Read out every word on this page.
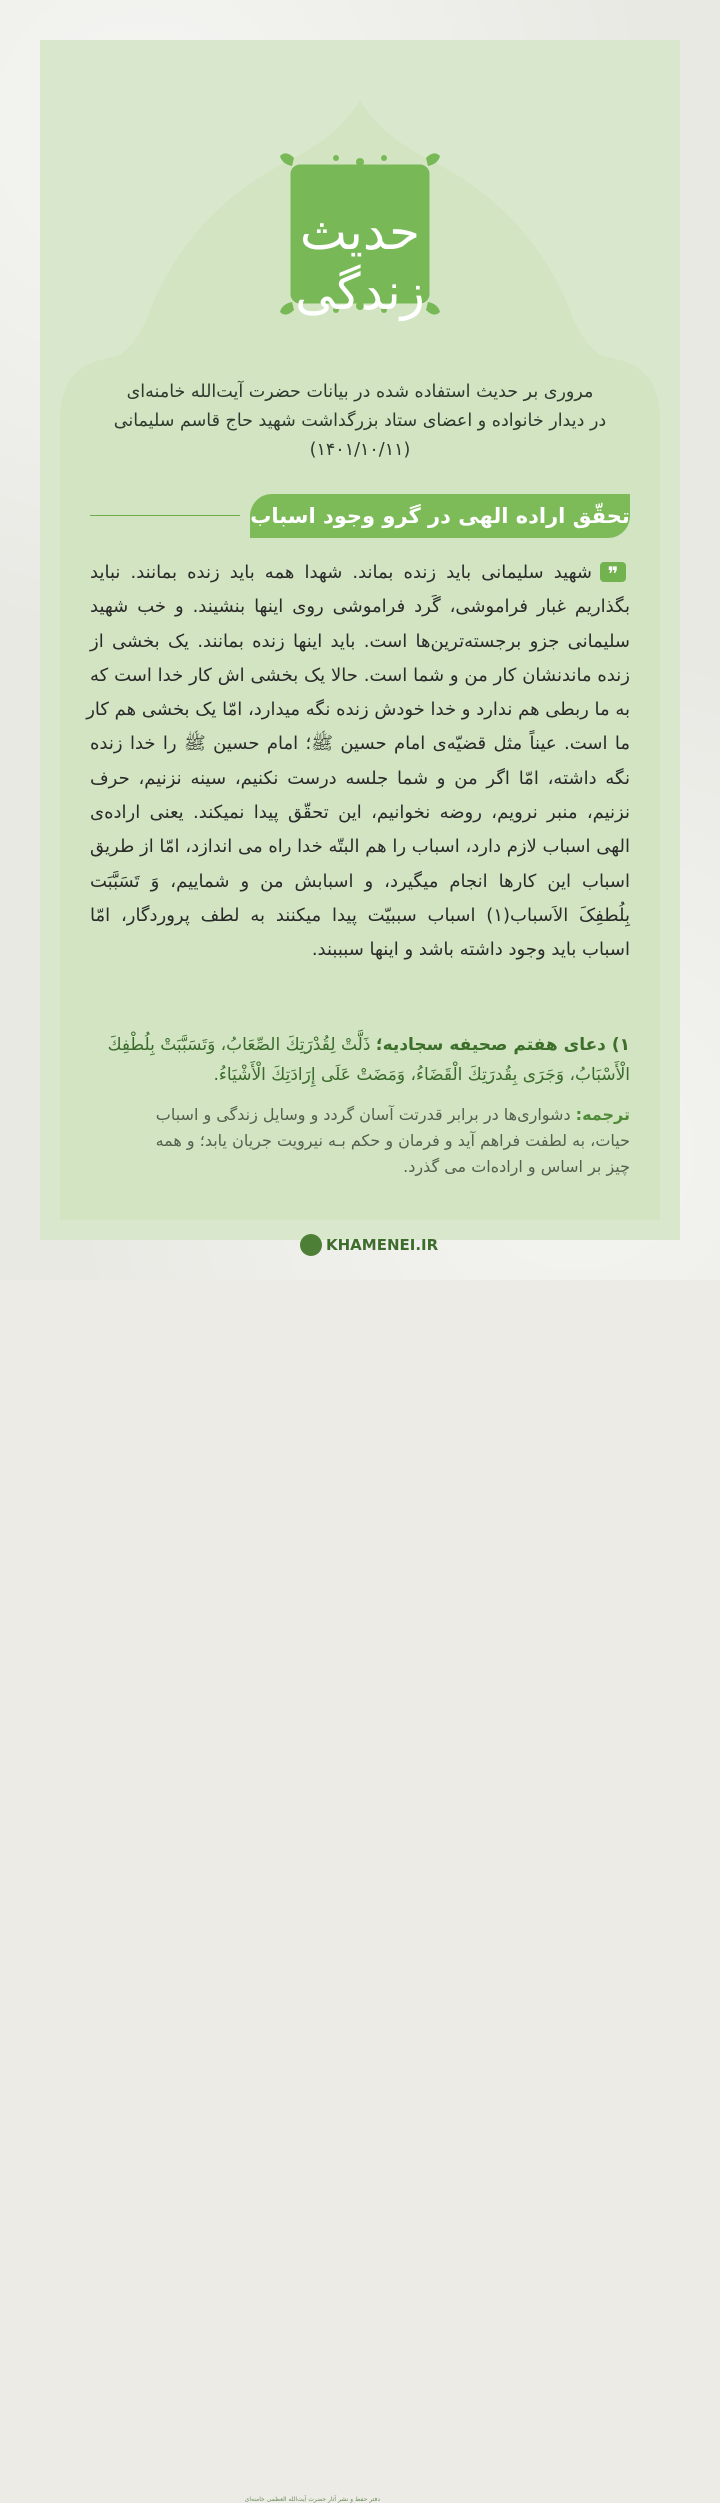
حدیث زندگی
مروری بر حدیث استفاده شده در بیانات حضرت آیت‌الله خامنه‌ای
در دیدار خانواده و اعضای ستاد بزرگداشت شهید حاج قاسم سلیمانی
(۱۴۰۱/۱۰/۱۱)
تحقّق اراده الهی در گرو وجود اسباب
❞
شهید سلیمانی باید زنده بماند. شهدا همه باید زنده بمانند. نباید
بگذاریم غبار فراموشی، گَرد فراموشی روی اینها بنشیند. و خب شهید
سلیمانی جزو برجسته‌ترین‌ها است. باید اینها زنده بمانند. یک بخشی از
زنده ماندنشان کار من و شما است. حالا یک بخشی اش کار خدا است که
به ما ربطی هم ندارد و خدا خودش زنده نگه میدارد، امّا یک بخشی هم کار
ما است. عیناً مثل قضیّه‌ی امام حسین ﷺ؛ امام حسین ﷺ را خدا زنده
نگه داشته، امّا اگر من و شما جلسه درست نکنیم، سینه نزنیم، حرف
نزنیم، منبر نرویم، روضه نخوانیم، این تحقّق پیدا نمیکند. یعنی اراده‌ی
الهی اسباب لازم دارد، اسباب را هم البتّه خدا راه می اندازد، امّا از طریق
اسباب این کارها انجام میگیرد، و اسبابش من و شماییم، وَ تَسَبَّبَت
بِلُطفِکَ الاَسباب(۱) اسباب سببیّت پیدا میکنند به لطف پروردگار، امّا
اسباب باید وجود داشته باشد و اینها سبببند.
۱) دعای هفتم صحیفه سجادیه؛ ذَلَّتْ لِقُدْرَتِكَ الصِّعَابُ، وَتَسَبَّبَتْ بِلُطْفِكَ
الْأَسْبَابُ، وَجَرَى بِقُدرَتِكَ الْقَضَاءُ، وَمَضَتْ عَلَى إِرَادَتِكَ الْأَشْيَاءُ.
ترجمه: دشواری‌ها در برابر قدرتت آسان گردد و وسایل زندگی و اسباب
حیات، به لطفت فراهم آید و فرمان و حکم بـه نیرویت جریان یابد؛ و همه
چیز بر اساس و اراده‌ات می گذرد.
KHAMENEI.IR
دفتر حفظ و نشر آثار حضرت آیت‌الله العظمی خامنه‌ای
